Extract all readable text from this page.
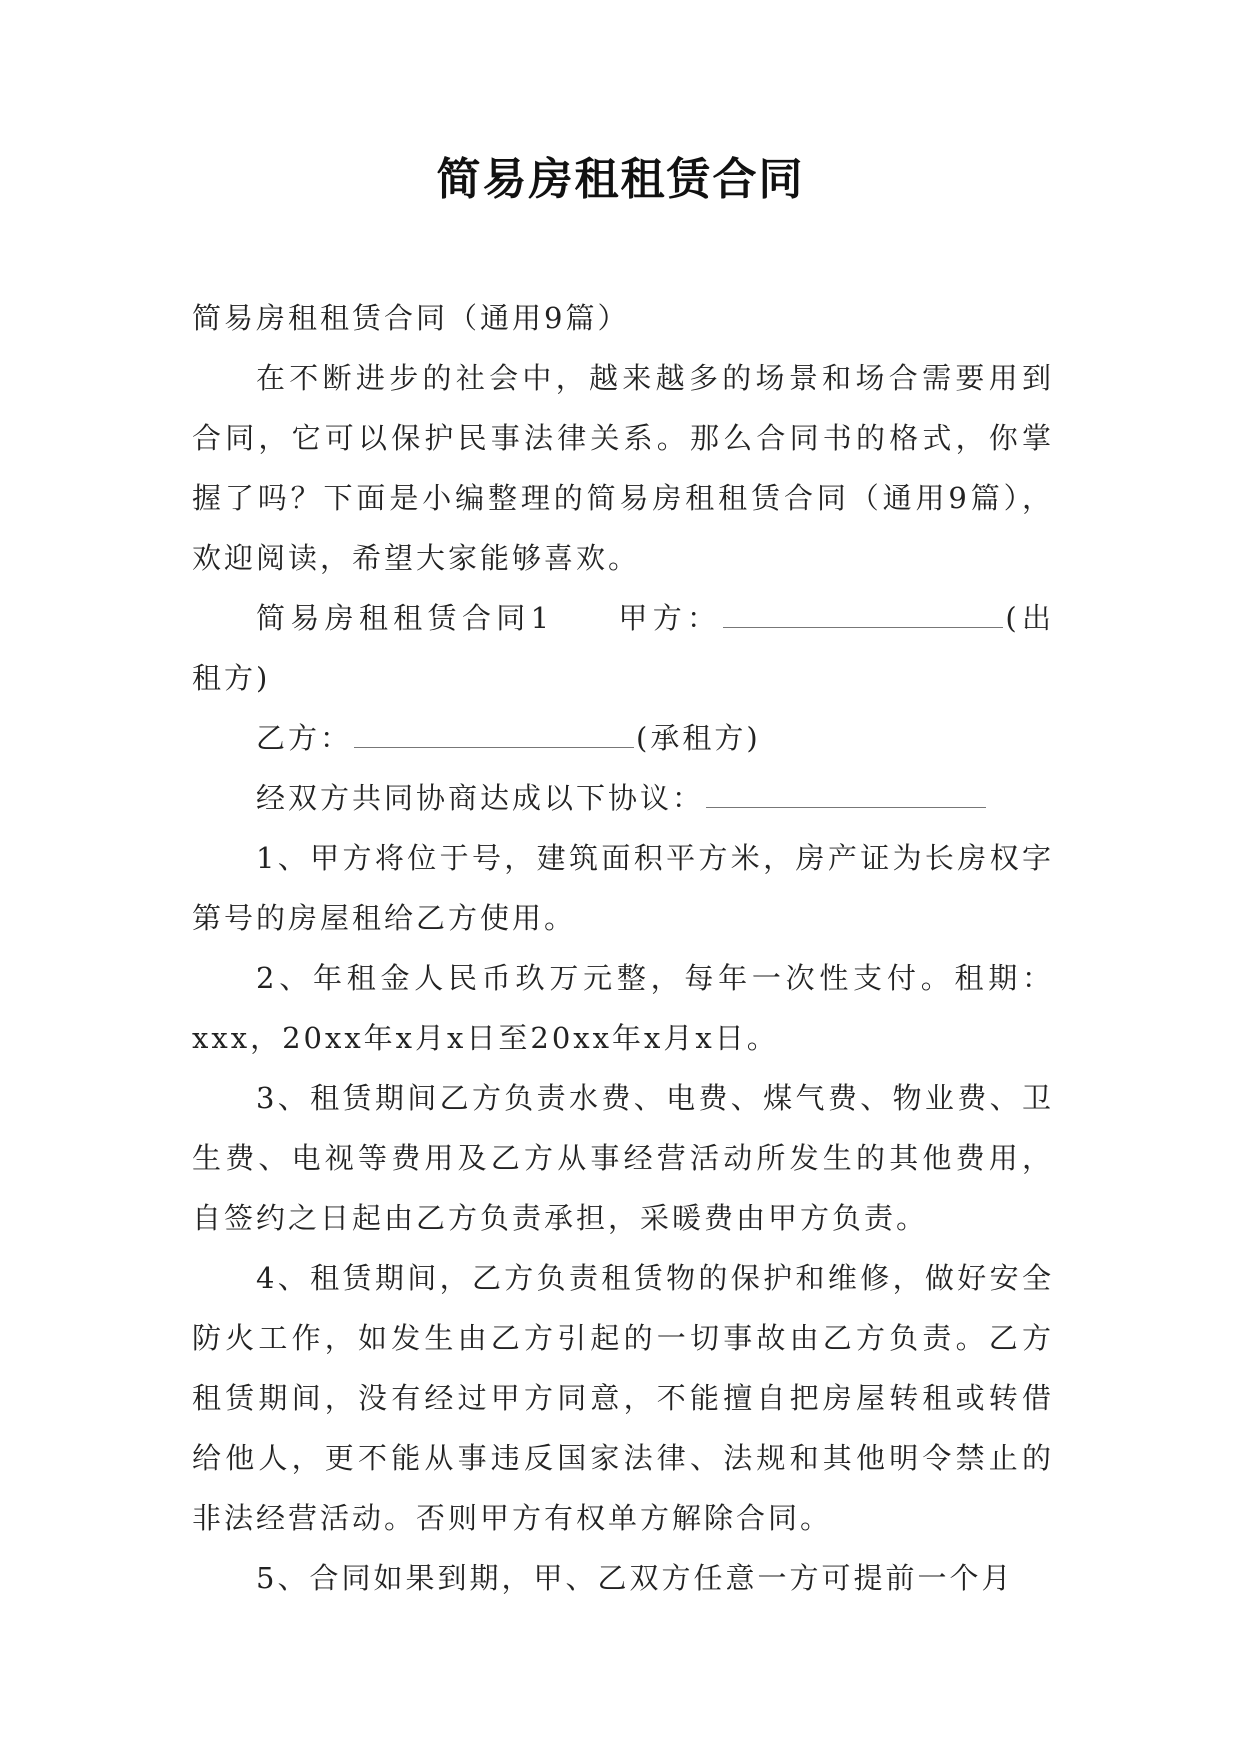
简易房租租赁合同

简易房租租赁合同（通用9篇）

在不断进步的社会中，越来越多的场景和场合需要用到合同，它可以保护民事法律关系。那么合同书的格式，你掌握了吗？下面是小编整理的简易房租租赁合同（通用9篇），欢迎阅读，希望大家能够喜欢。

简易房租租赁合同1 甲方：	(出租方)

乙方：	(承租方)

经双方共同协商达成以下协议：

1、甲方将位于号，建筑面积平方米，房产证为长房权字第号的房屋租给乙方使用。

2、年租金人民币玖万元整，每年一次性支付。租期：xxx，20xx年x月x日至20xx年x月x日。

3、租赁期间乙方负责水费、电费、煤气费、物业费、卫生费、电视等费用及乙方从事经营活动所发生的其他费用，自签约之日起由乙方负责承担，采暖费由甲方负责。

4、租赁期间，乙方负责租赁物的保护和维修，做好安全防火工作，如发生由乙方引起的一切事故由乙方负责。乙方租赁期间，没有经过甲方同意，不能擅自把房屋转租或转借给他人，更不能从事违反国家法律、法规和其他明令禁止的非法经营活动。否则甲方有权单方解除合同。

5、合同如果到期，甲、乙双方任意一方可提前一个月
